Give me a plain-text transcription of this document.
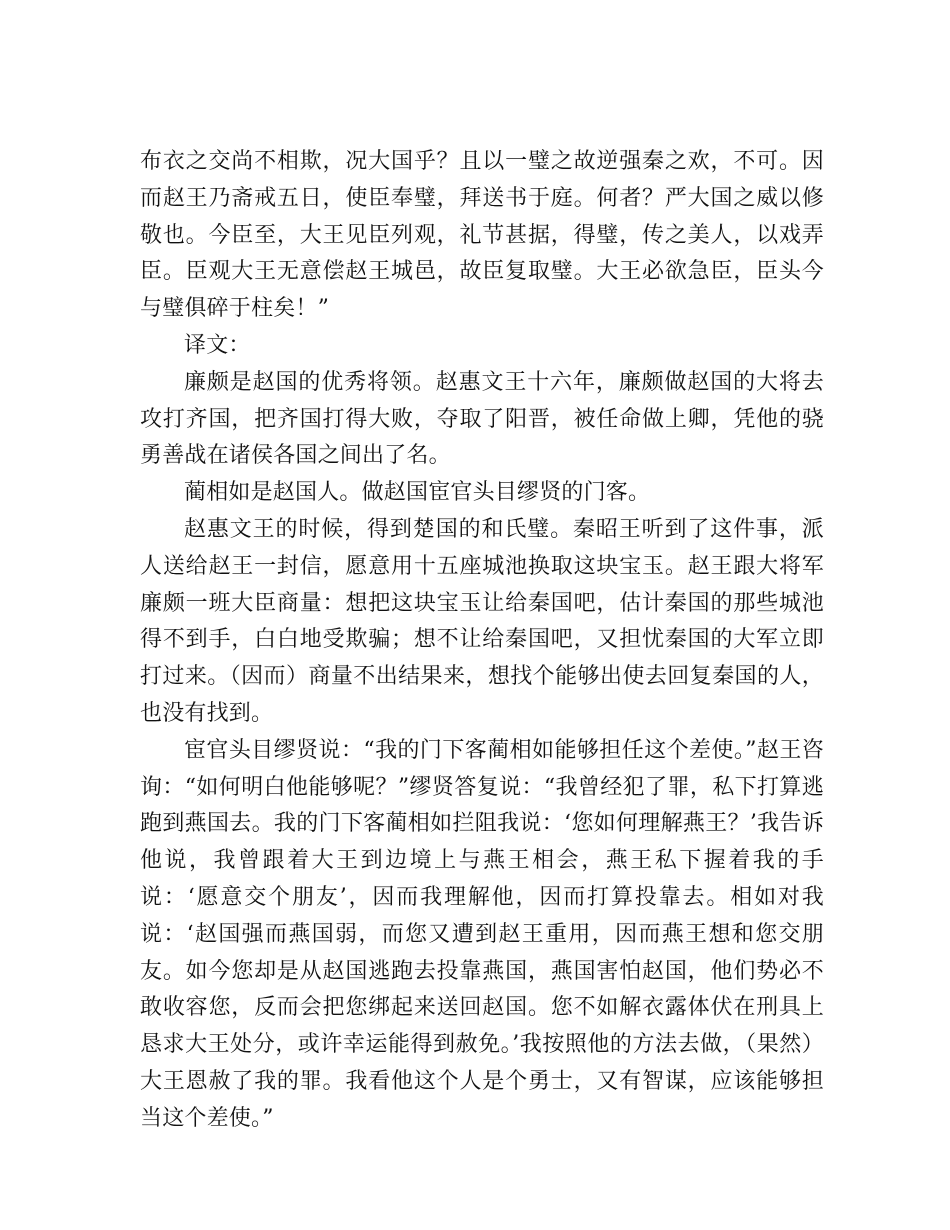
布衣之交尚不相欺，况大国乎？且以一璧之故逆强秦之欢，不可。因而赵王乃斋戒五日，使臣奉璧，拜送书于庭。何者？严大国之威以修敬也。今臣至，大王见臣列观，礼节甚据，得璧，传之美人，以戏弄臣。臣观大王无意偿赵王城邑，故臣复取璧。大王必欲急臣，臣头今与璧俱碎于柱矣！”

译文：

廉颇是赵国的优秀将领。赵惠文王十六年，廉颇做赵国的大将去攻打齐国，把齐国打得大败，夺取了阳晋，被任命做上卿，凭他的骁勇善战在诸侯各国之间出了名。

蔺相如是赵国人。做赵国宦官头目缪贤的门客。

赵惠文王的时候，得到楚国的和氏璧。秦昭王听到了这件事，派人送给赵王一封信，愿意用十五座城池换取这块宝玉。赵王跟大将军廉颇一班大臣商量：想把这块宝玉让给秦国吧，估计秦国的那些城池得不到手，白白地受欺骗；想不让给秦国吧，又担忧秦国的大军立即打过来。（因而）商量不出结果来，想找个能够出使去回复秦国的人，也没有找到。

宦官头目缪贤说：“我的门下客蔺相如能够担任这个差使。”赵王咨询：“如何明白他能够呢？”缪贤答复说：“我曾经犯了罪，私下打算逃跑到燕国去。我的门下客蔺相如拦阻我说：‘您如何理解燕王？’我告诉他说，我曾跟着大王到边境上与燕王相会，燕王私下握着我的手说：‘愿意交个朋友’，因而我理解他，因而打算投靠去。相如对我说：‘赵国强而燕国弱，而您又遭到赵王重用，因而燕王想和您交朋友。如今您却是从赵国逃跑去投靠燕国，燕国害怕赵国，他们势必不敢收容您，反而会把您绑起来送回赵国。您不如解衣露体伏在刑具上恳求大王处分，或许幸运能得到赦免。’我按照他的方法去做，（果然）大王恩赦了我的罪。我看他这个人是个勇士，又有智谋，应该能够担当这个差使。”
